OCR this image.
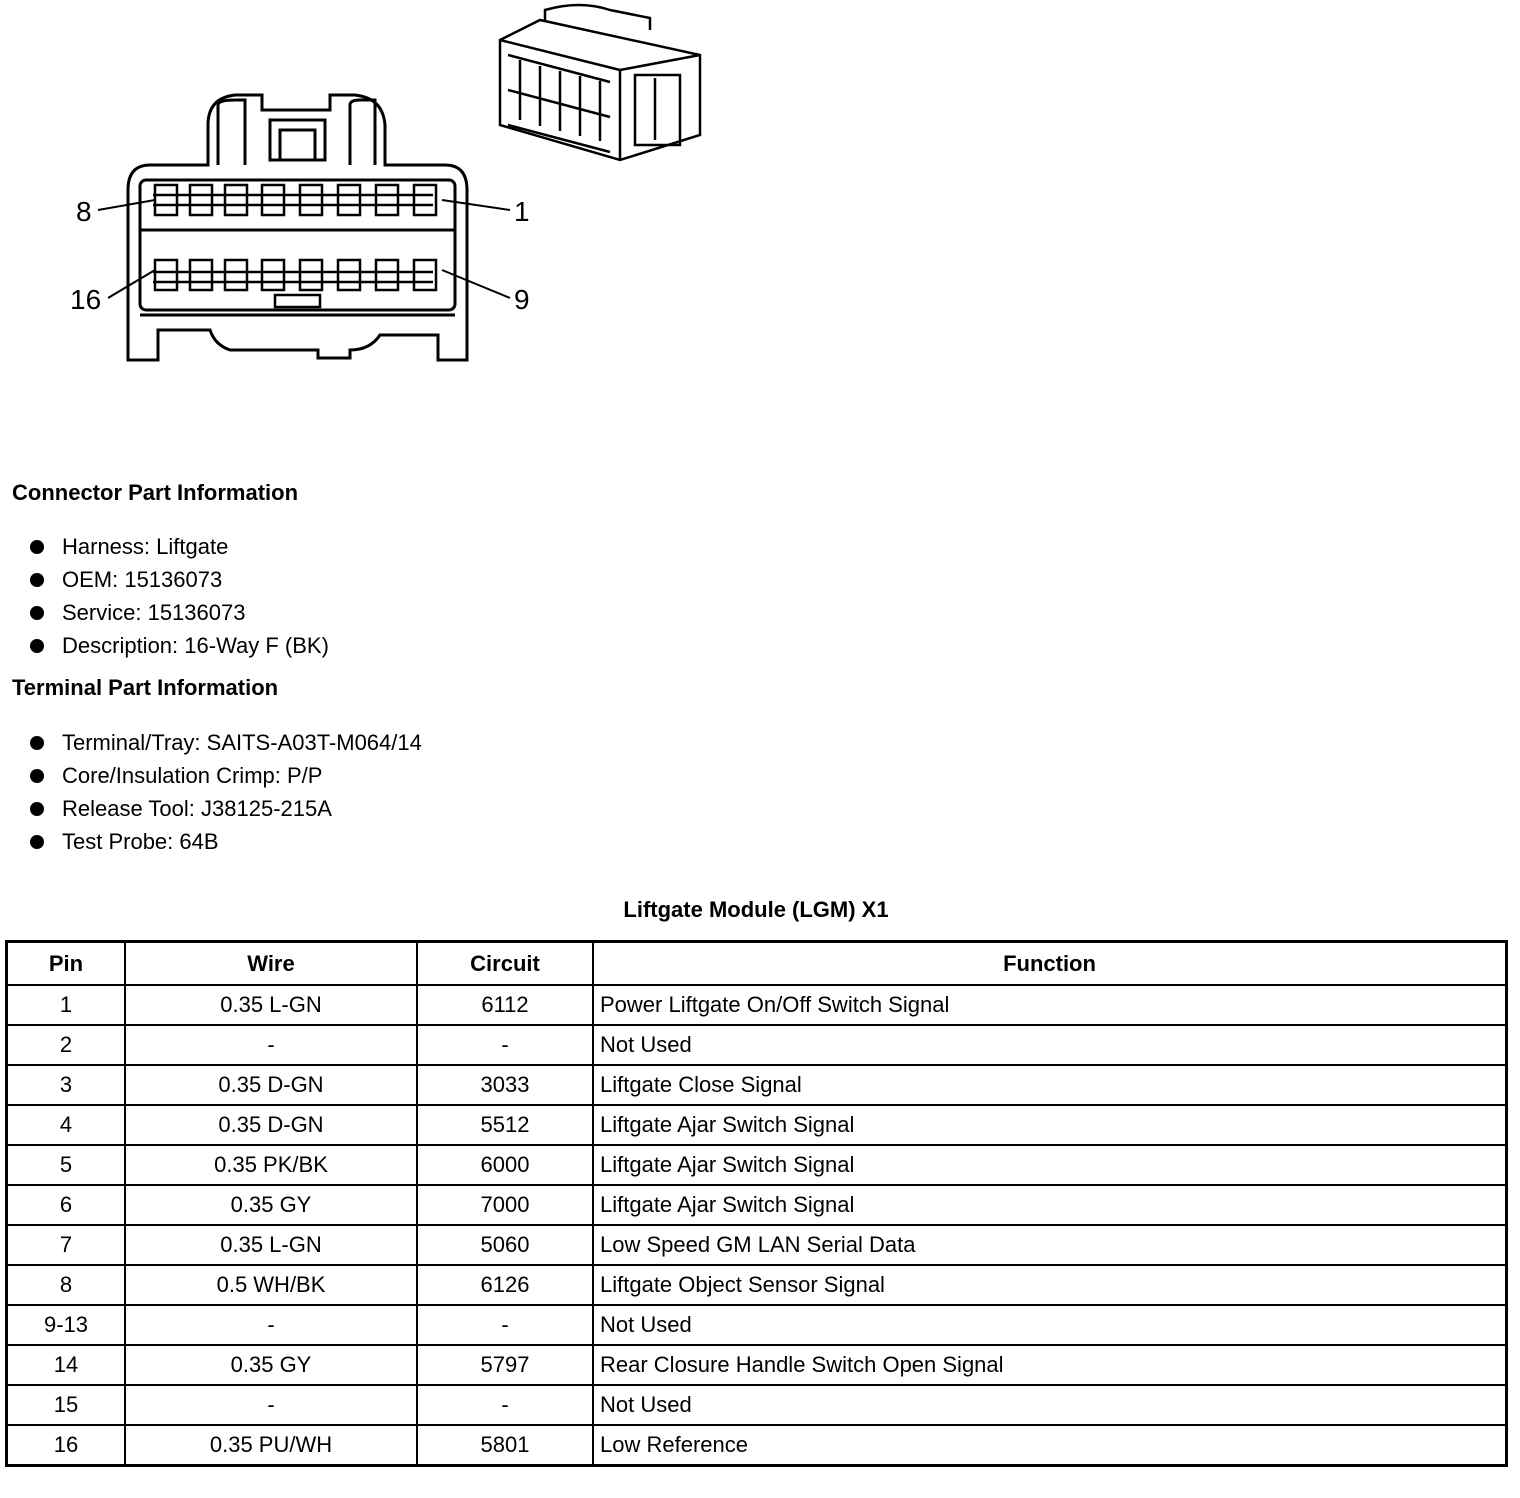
8	1
16	9
Connector Part Information
Harness: Liftgate
OEM: 15136073
Service: 15136073
Description: 16-Way F (BK)
Terminal Part Information
Terminal/Tray: SAITS-A03T-M064/14
Core/Insulation Crimp: P/P
Release Tool: J38125-215A
Test Probe: 64B
Liftgate Module (LGM) X1
Pin	Wire	Circuit	Function
1	0.35 L-GN	6112	Power Liftgate On/Off Switch Signal
2	-	-	Not Used
3	0.35 D-GN	3033	Liftgate Close Signal
4	0.35 D-GN	5512	Liftgate Ajar Switch Signal
5	0.35 PK/BK	6000	Liftgate Ajar Switch Signal
6	0.35 GY	7000	Liftgate Ajar Switch Signal
7	0.35 L-GN	5060	Low Speed GM LAN Serial Data
8	0.5 WH/BK	6126	Liftgate Object Sensor Signal
9-13	-	-	Not Used
14	0.35 GY	5797	Rear Closure Handle Switch Open Signal
15	-	-	Not Used
16	0.35 PU/WH	5801	Low Reference
